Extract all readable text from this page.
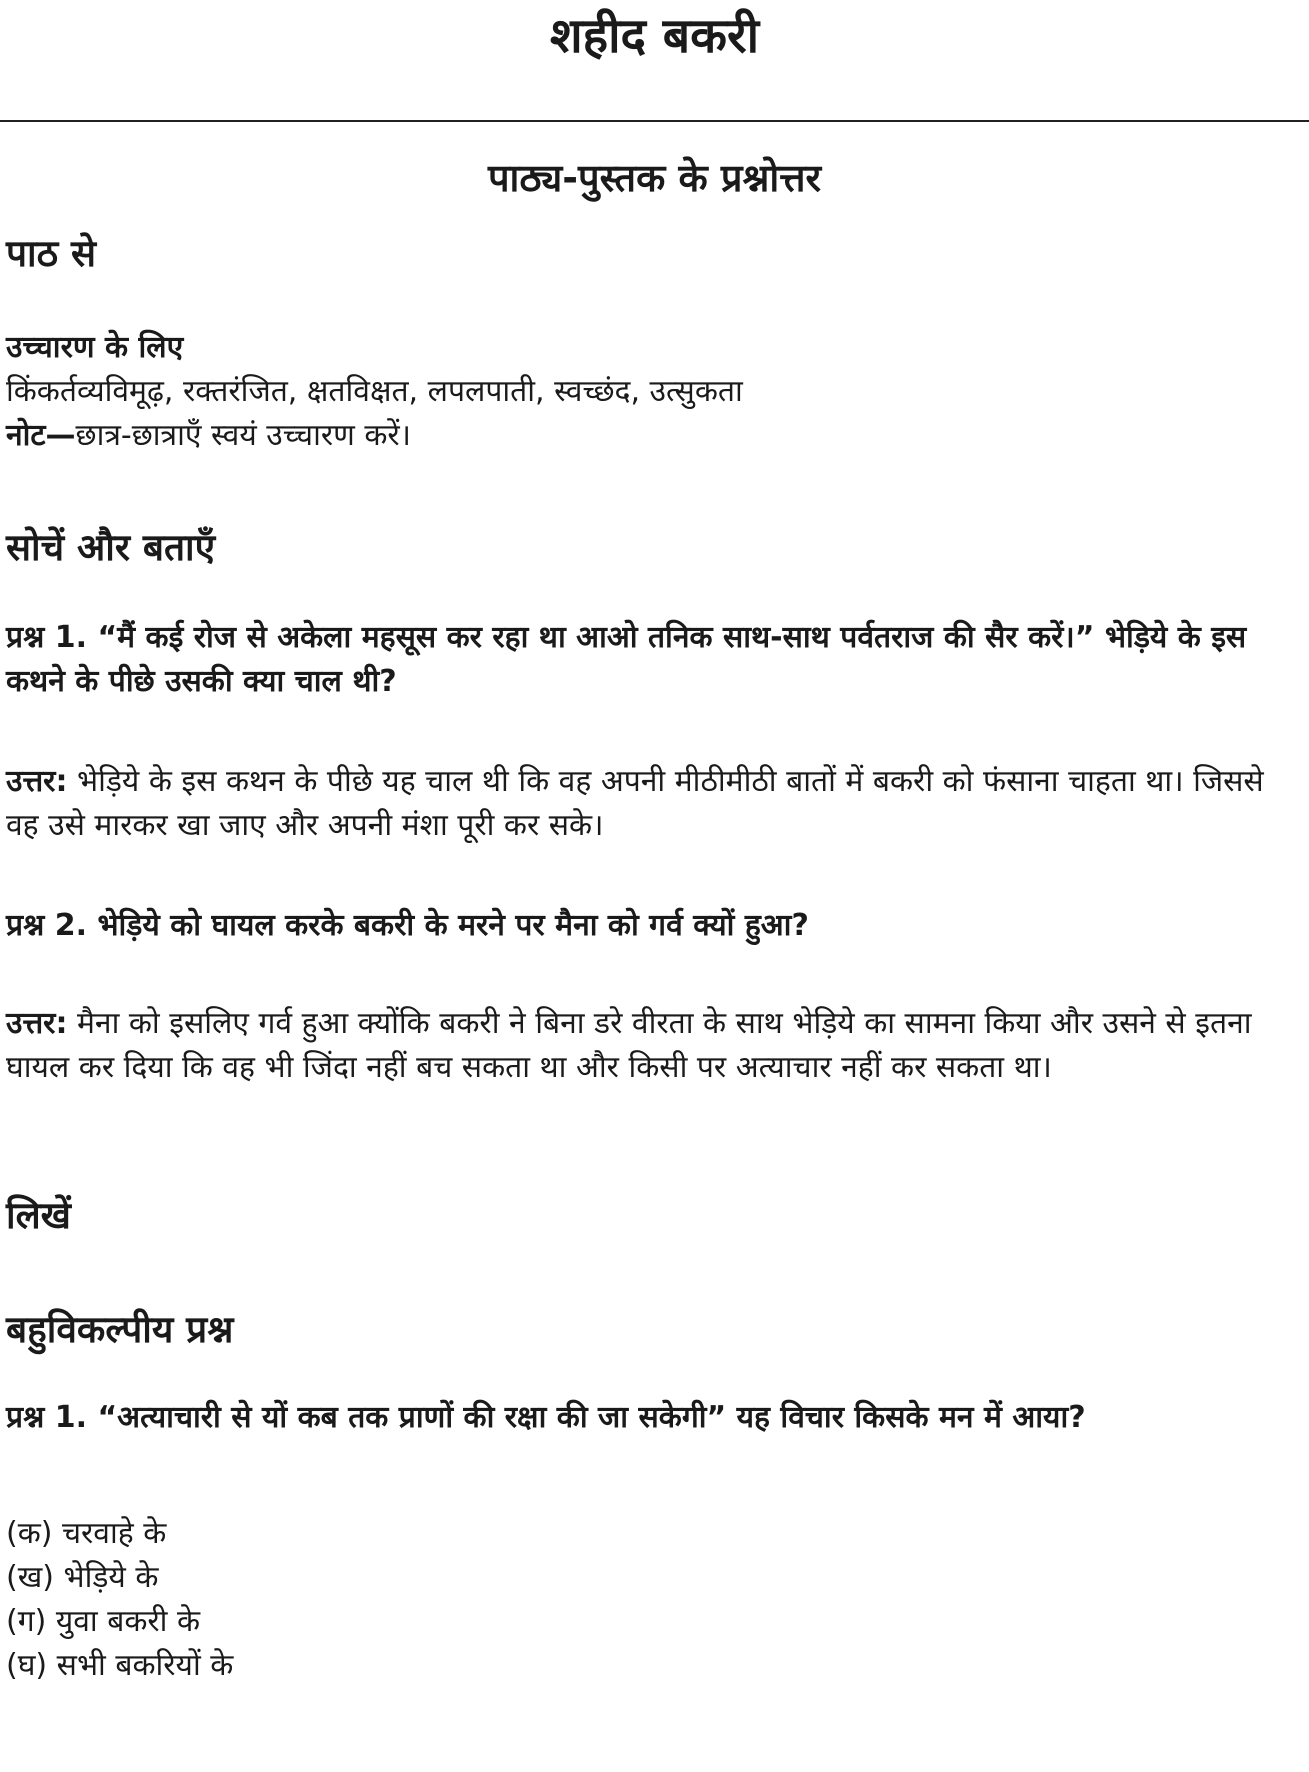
शहीद बकरी
पाठ्य-पुस्तक के प्रश्नोत्तर
पाठ से
उच्चारण के लिए
किंकर्तव्यविमूढ़, रक्तरंजित, क्षतविक्षत, लपलपाती, स्वच्छंद, उत्सुकता
नोट—छात्र-छात्राएँ स्वयं उच्चारण करें।
सोचें और बताएँ
प्रश्न 1. “मैं कई रोज से अकेला महसूस कर रहा था आओ तनिक साथ-साथ पर्वतराज की सैर करें।” भेड़िये के इस कथने के पीछे उसकी क्या चाल थी?
उत्तर: भेड़िये के इस कथन के पीछे यह चाल थी कि वह अपनी मीठीमीठी बातों में बकरी को फंसाना चाहता था। जिससे वह उसे मारकर खा जाए और अपनी मंशा पूरी कर सके।
प्रश्न 2. भेड़िये को घायल करके बकरी के मरने पर मैना को गर्व क्यों हुआ?
उत्तर: मैना को इसलिए गर्व हुआ क्योंकि बकरी ने बिना डरे वीरता के साथ भेड़िये का सामना किया और उसने से इतना घायल कर दिया कि वह भी जिंदा नहीं बच सकता था और किसी पर अत्याचार नहीं कर सकता था।
लिखें
बहुविकल्पीय प्रश्न
प्रश्न 1. “अत्याचारी से यों कब तक प्राणों की रक्षा की जा सकेगी” यह विचार किसके मन में आया?
(क) चरवाहे के
(ख) भेड़िये के
(ग) युवा बकरी के
(घ) सभी बकरियों के
